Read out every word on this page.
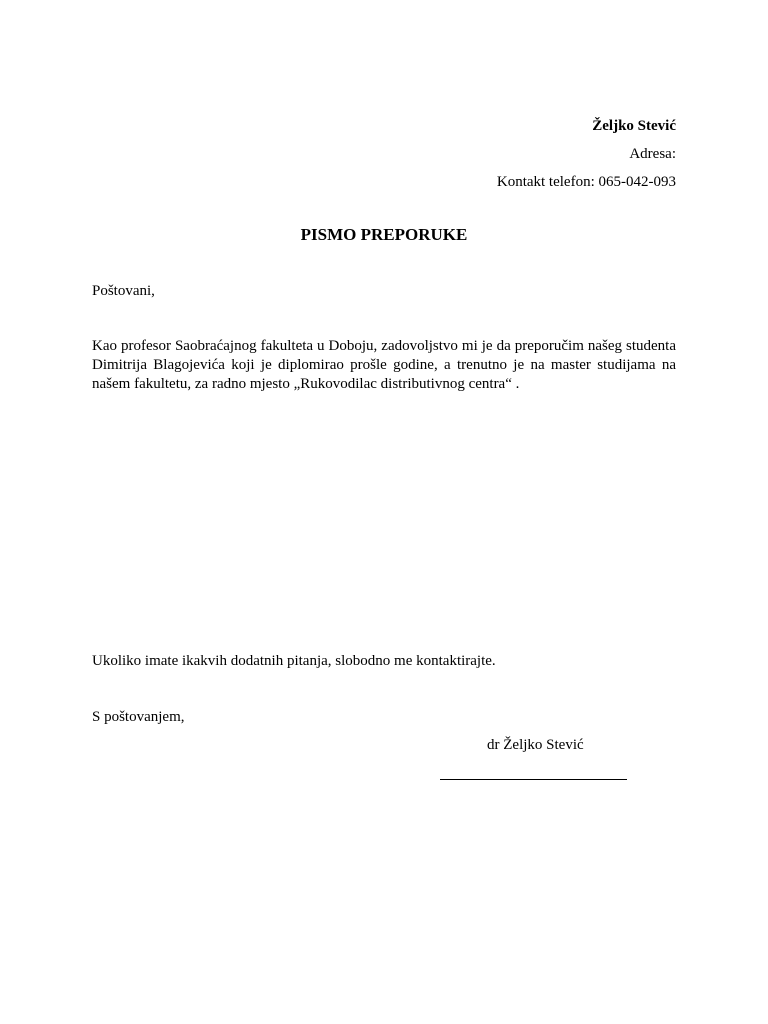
Željko Stević
Adresa:
Kontakt telefon: 065-042-093
PISMO PREPORUKE
Poštovani,
Kao profesor Saobraćajnog fakulteta u Doboju, zadovoljstvo mi je da preporučim našeg studenta Dimitrija Blagojevića koji je diplomirao prošle godine, a trenutno je na master studijama na našem fakultetu, za radno mjesto „Rukovodilac distributivnog centra“ .
Ukoliko imate ikakvih dodatnih pitanja, slobodno me kontaktirajte.
S poštovanjem,
dr Željko Stević
